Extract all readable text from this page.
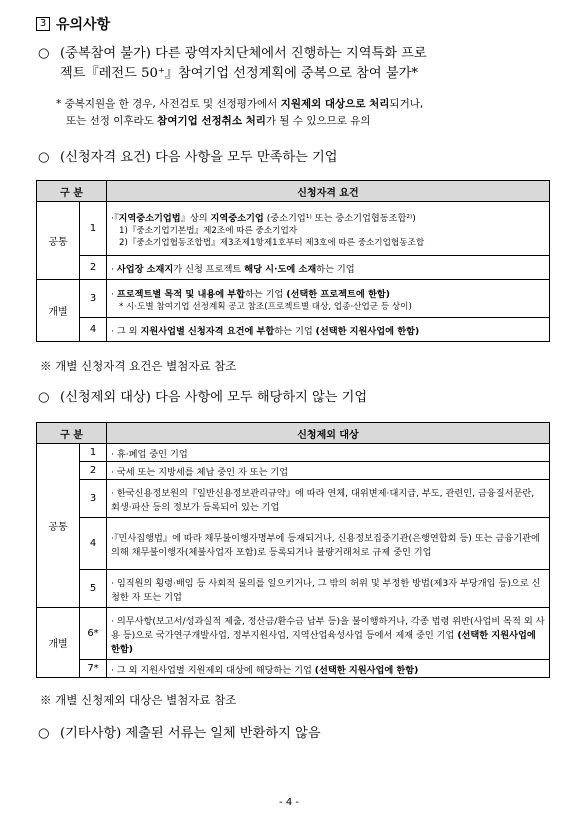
3 유의사항
○ (중복참여 불가) 다른 광역자치단체에서 진행하는 지역특화 프로
젝트『레전드 50⁺』참여기업 선정계획에 중복으로 참여 불가*
* 중복지원을 한 경우, 사전검토 및 선정평가에서 지원제외 대상으로 처리되거나,
또는 선정 이후라도 참여기업 선정취소 처리가 될 수 있으므로 유의
○ (신청자격 요건) 다음 사항을 모두 만족하는 기업
구 분		신청자격 요건
공통	1	·『지역중소기업법』상의 지역중소기업 (중소기업¹⁾ 또는 중소기업협동조합²⁾)
1)『중소기업기본법』제2조에 따른 중소기업자
2)『중소기업협동조합법』제3조제1항제1호부터 제3호에 따른 중소기업협동조합

	2	· 사업장 소재지가 신청 프로젝트 해당 시·도에 소재하는 기업
개별	3	· 프로젝트별 목적 및 내용에 부합하는 기업 (선택한 프로젝트에 한함)
* 시·도별 참여기업 선정계획 공고 참조(프로젝트별 대상, 업종·산업군 등 상이)

	4	· 그 외 지원사업별 신청자격 요건에 부합하는 기업 (선택한 지원사업에 한함)
※ 개별 신청자격 요건은 별첨자료 참조
○ (신청제외 대상) 다음 사항에 모두 해당하지 않는 기업
구 분		신청제외 대상
공통	1	· 휴·폐업 중인 기업
	2	· 국세 또는 지방세를 체납 중인 자 또는 기업
	3	· 한국신용정보원의『일반신용정보관리규약』에 따라 연체, 대위변제·대지급, 부도, 관련인, 금융질서문란, 회생·파산 등의 정보가 등록되어 있는 기업
	4	·『민사집행법』에 따라 채무불이행자명부에 등재되거나, 신용정보집중기관(은행연합회 등) 또는 금융기관에 의해 채무불이행자(체불사업자 포함)로 등록되거나 불량거래처로 규제 중인 기업
	5	· 임직원의 횡령·배임 등 사회적 물의를 일으키거나, 그 밖의 허위 및 부정한 방법(제3자 부당개입 등)으로 신청한 자 또는 기업
개별	6*	· 의무사항(보고서/성과실적 제출, 정산금/환수금 납부 등)을 불이행하거나, 각종 법령 위반(사업비 목적 외 사용 등)으로 국가연구개발사업, 정부지원사업, 지역산업육성사업 등에서 제재 중인 기업 (선택한 지원사업에 한함)
	7*	· 그 외 지원사업별 지원제외 대상에 해당하는 기업 (선택한 지원사업에 한함)
※ 개별 신청제외 대상은 별첨자료 참조
○ (기타사항) 제출된 서류는 일체 반환하지 않음
- 4 -
